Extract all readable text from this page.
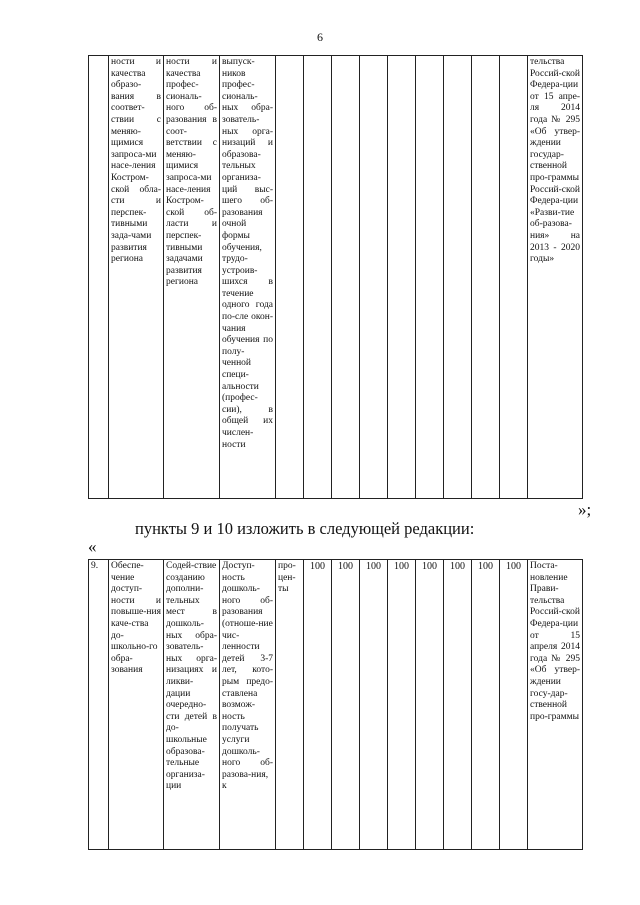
6
	ности и качества образо-вания в соответ-ствии с меняю-щимися запроса-ми насе-ления Костром-ской обла-сти и перспек-тивными зада-чами развития региона	ности и качества профес-сиональ-ного об-разования в соот-ветствии с меняю-щимися запроса-ми насе-ления Костром-ской об-ласти и перспек-тивными задачами развития региона	выпуск-ников профес-сиональ-ных обра-зователь-ных орга-низаций и образова-тельных организа-ций выс-шего об-разования очной формы обучения, трудо-устроив-шихся в течение одного года по-сле окон-чания обучения по полу-ченной специ-альности (профес-сии), в общей их числен-ности										тельства Россий-ской Федера-ции от 15 апре-ля 2014 года № 295 «Об утвер-ждении государ-ственной про-граммы Россий-ской Федера-ции «Разви-тие об-разова-ния» на 2013 - 2020 годы»
»;
пункты 9 и 10 изложить в следующей редакции:
«
9.	Обеспе-чение доступ-ности и повыше-ния каче-ства до-школьно-го обра-зования	Содей-ствие созданию дополни-тельных мест в дошколь-ных обра-зователь-ных орга-низациях и ликви-дации очередно-сти детей в до-школьные образова-тельные организа-ции	Доступ-ность дошколь-ного об-разования (отноше-ние чис-ленности детей 3-7 лет, кото-рым предо-ставлена возмож-ность получать услуги дошколь-ного об-разова-ния, к	про-цен-ты	100	100	100	100	100	100	100	100	Поста-новление Прави-тельства Россий-ской Федера-ции от 15 апреля 2014 года № 295 «Об утвер-ждении госу-дар-ственной про-граммы
